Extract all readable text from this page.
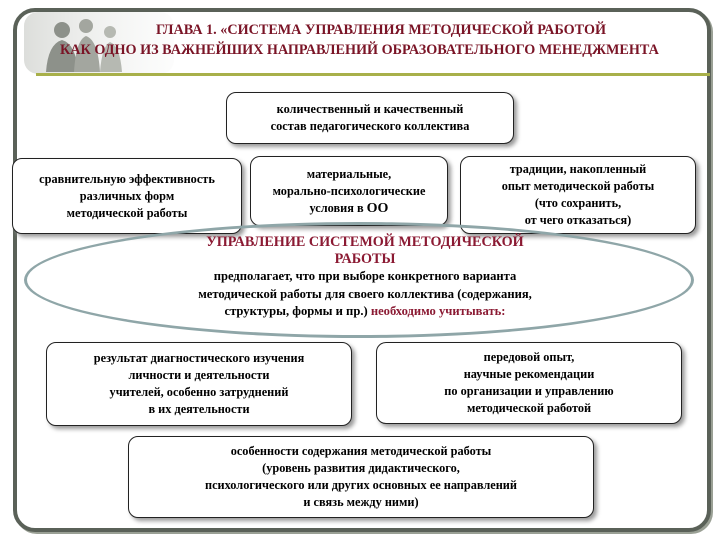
ГЛАВА 1. «СИСТЕМА УПРАВЛЕНИЯ МЕТОДИЧЕСКОЙ РАБОТОЙ
КАК ОДНО ИЗ ВАЖНЕЙШИХ НАПРАВЛЕНИЙ ОБРАЗОВАТЕЛЬНОГО МЕНЕДЖМЕНТА
количественный и качественный
состав педагогического коллектива
сравнительную эффективность
различных форм
методической работы
материальные,
морально-психологические
условия в ОО
традиции, накопленный
опыт методической работы
(что сохранить,
от чего отказаться)
УПРАВЛЕНИЕ СИСТЕМОЙ МЕТОДИЧЕСКОЙ
РАБОТЫ
предполагает, что при выборе конкретного варианта
методической работы для своего коллектива (содержания,
структуры, формы и пр.) необходимо учитывать:
результат диагностического изучения
личности и деятельности
учителей, особенно затруднений
в их деятельности
передовой опыт,
научные рекомендации
по организации и управлению
методической работой
особенности содержания методической работы
(уровень развития дидактического,
психологического или других основных ее направлений
и связь между ними)
